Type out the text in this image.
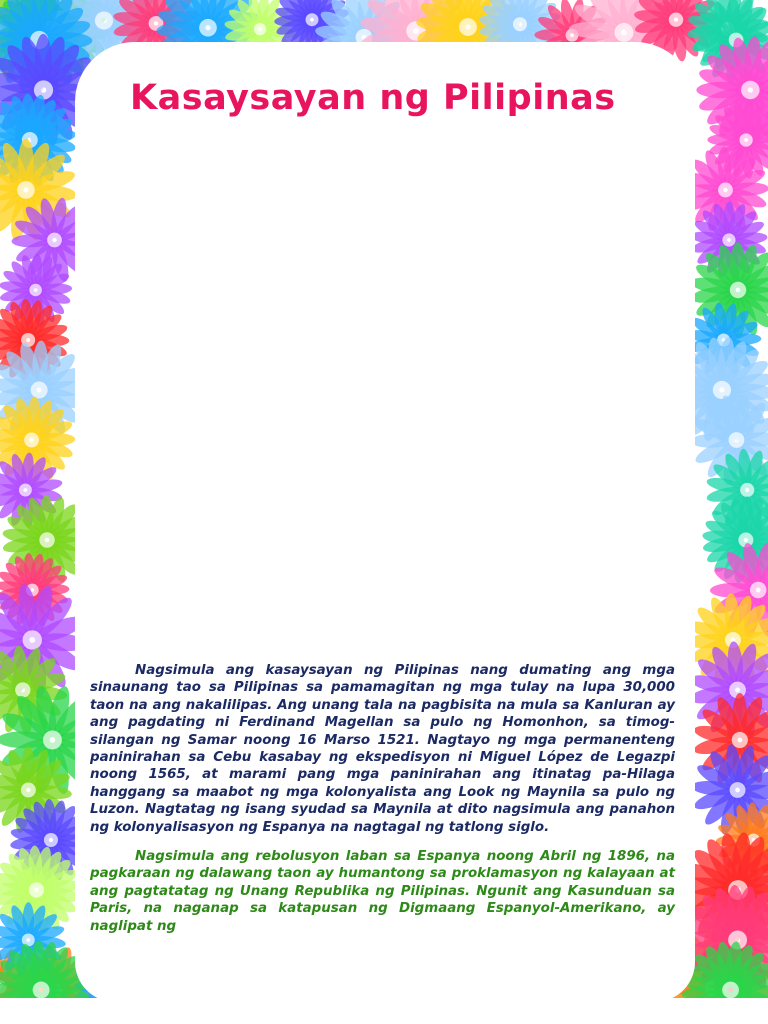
Kasaysayan ng Pilipinas

Nagsimula ang kasaysayan ng Pilipinas nang dumating ang mga sinaunang tao sa Pilipinas sa pamamagitan ng mga tulay na lupa 30,000 taon na ang nakalilipas. Ang unang tala na pagbisita na mula sa Kanluran ay ang pagdating ni Ferdinand Magellan sa pulo ng Homonhon, sa timog-silangan ng Samar noong 16 Marso 1521. Nagtayo ng mga permanenteng paninirahan sa Cebu kasabay ng ekspedisyon ni Miguel López de Legazpi noong 1565, at marami pang mga paninirahan ang itinatag pa-Hilaga hanggang sa maabot ng mga kolonyalista ang Look ng Maynila sa pulo ng Luzon. Nagtatag ng isang syudad sa Maynila at dito nagsimula ang panahon ng kolonyalisasyon ng Espanya na nagtagal ng tatlong siglo.

Nagsimula ang rebolusyon laban sa Espanya noong Abril ng 1896, na pagkaraan ng dalawang taon ay humantong sa proklamasyon ng kalayaan at ang pagtatatag ng Unang Republika ng Pilipinas. Ngunit ang Kasunduan sa Paris, na naganap sa katapusan ng Digmaang Espanyol-Amerikano, ay naglipat ng
